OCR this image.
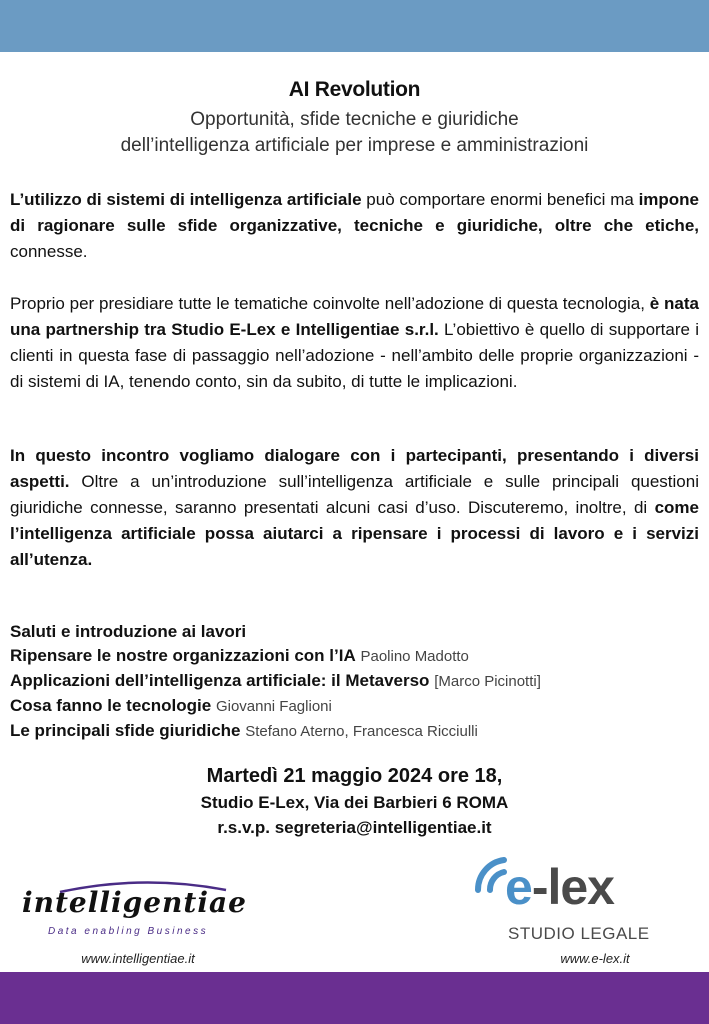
AI Revolution
Opportunità, sfide tecniche e giuridiche
dell’intelligenza artificiale per imprese e amministrazioni

L’utilizzo di sistemi di intelligenza artificiale può comportare enormi benefici ma impone di ragionare sulle sfide organizzative, tecniche e giuridiche, oltre che etiche, connesse.

Proprio per presidiare tutte le tematiche coinvolte nell’adozione di questa tecnologia, è nata una partnership tra Studio E-Lex e Intelligentiae s.r.l. L’obiettivo è quello di supportare i clienti in questa fase di passaggio nell’adozione - nell’ambito delle proprie organizzazioni - di sistemi di IA, tenendo conto, sin da subito, di tutte le implicazioni.

In questo incontro vogliamo dialogare con i partecipanti, presentando i diversi aspetti. Oltre a un’introduzione sull’intelligenza artificiale e sulle principali questioni giuridiche connesse, saranno presentati alcuni casi d’uso. Discuteremo, inoltre, di come l’intelligenza artificiale possa aiutarci a ripensare i processi di lavoro e i servizi all’utenza.

Saluti e introduzione ai lavori
Ripensare le nostre organizzazioni con l’IA Paolino Madotto
Applicazioni dell’intelligenza artificiale: il Metaverso [Marco Picinotti]
Cosa fanno le tecnologie Giovanni Faglioni
Le principali sfide giuridiche Stefano Aterno, Francesca Ricciulli
Martedì 21 maggio 2024 ore 18,
Studio E-Lex, Via dei Barbieri 6 ROMA
r.s.v.p. segreteria@intelligentiae.it
intelligentiae
Data enabling Business
www.intelligentiae.it
e-lex
STUDIO LEGALE
www.e-lex.it
